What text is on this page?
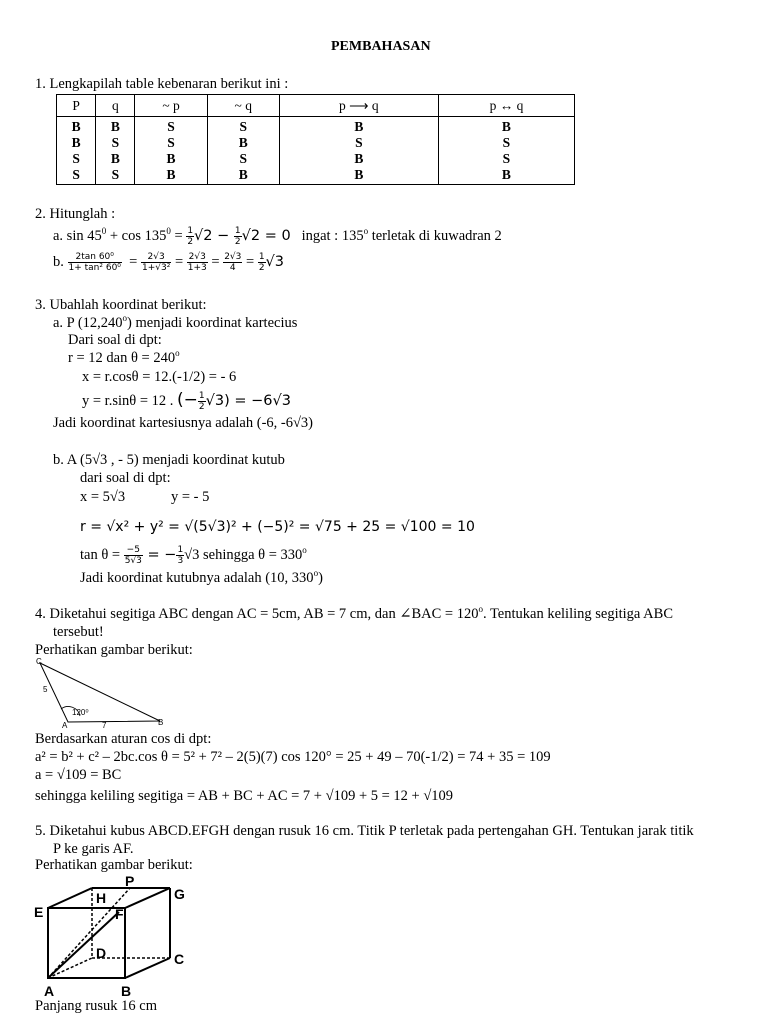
PEMBAHASAN
1. Lengkapilah table kebenaran berikut ini :
P	q	~ p	~ q	p ⟶ q	p ↔ q
B	B	S	S	B	B
B	S	S	B	S	S
S	B	B	S	B	S
S	S	B	B	B	B
2. Hitunglah :
a. $\sin 45^0 + \cos 135^0 = \frac{1}{2} √2 - \frac{1}{2} √2 = 0$ ingat : 135$^o$ terletak di kuwadran 2
b. $\frac{\text{2tan 60⁰}}{\text{1+ tan² 60⁰}} = \frac{2√3}{\text{1+√3²}} = \frac{2√3}{1+3} = \frac{2√3}{4} = \frac{1}{2} √3$
3. Ubahlah koordinat berikut:
a. P (12,240$^o$) menjadi koordinat kartecius
Dari soal di dpt:
r = 12 dan $\theta = 240^o$
x = r.cosθ = 12.(-1/2) = - 6
y = r.sinθ = 12 . (− $\frac{1}{2} √3) = -6√3$
Jadi koordinat kartesiusnya adalah (-6, -6√3)
b. A (5√3 , - 5) menjadi koordinat kutub
dari soal di dpt:
x = 5√3	y = - 5
r = √x² + y² = √(5√3)² + (−5)² = √75 + 25 = √100 = 10
$\tan \theta = \frac{-5}{5√3}$ = − $\frac{1}{3} √3$ sehingga $\theta = 330^o$
Jadi koordinat kutubnya adalah (10, 330$^o$)
4. Diketahui segitiga ABC dengan AC = 5cm, AB = 7 cm, dan ∠BAC = $120^o$. Tentukan keliling segitiga ABC
tersebut!
Perhatikan gambar berikut:
C
5
120⁰
A	7	B
Berdasarkan aturan cos di dpt:
a² = b² + c² – 2bc.cos θ = 5² + 7² – 2(5)(7) cos 120° = 25 + 49 – 70(-1/2) = 74 + 35 = 109
a = √109 = BC
sehingga keliling segitiga = AB + BC + AC = 7 + √109 + 5 = 12 + √109
5. Diketahui kubus ABCD.EFGH dengan rusuk 16 cm. Titik P terletak pada pertengahan GH. Tentukan jarak titik
P ke garis AF.
Perhatikan gambar berikut:
P
H	G
E	F
D	C
A	B
Panjang rusuk 16 cm
